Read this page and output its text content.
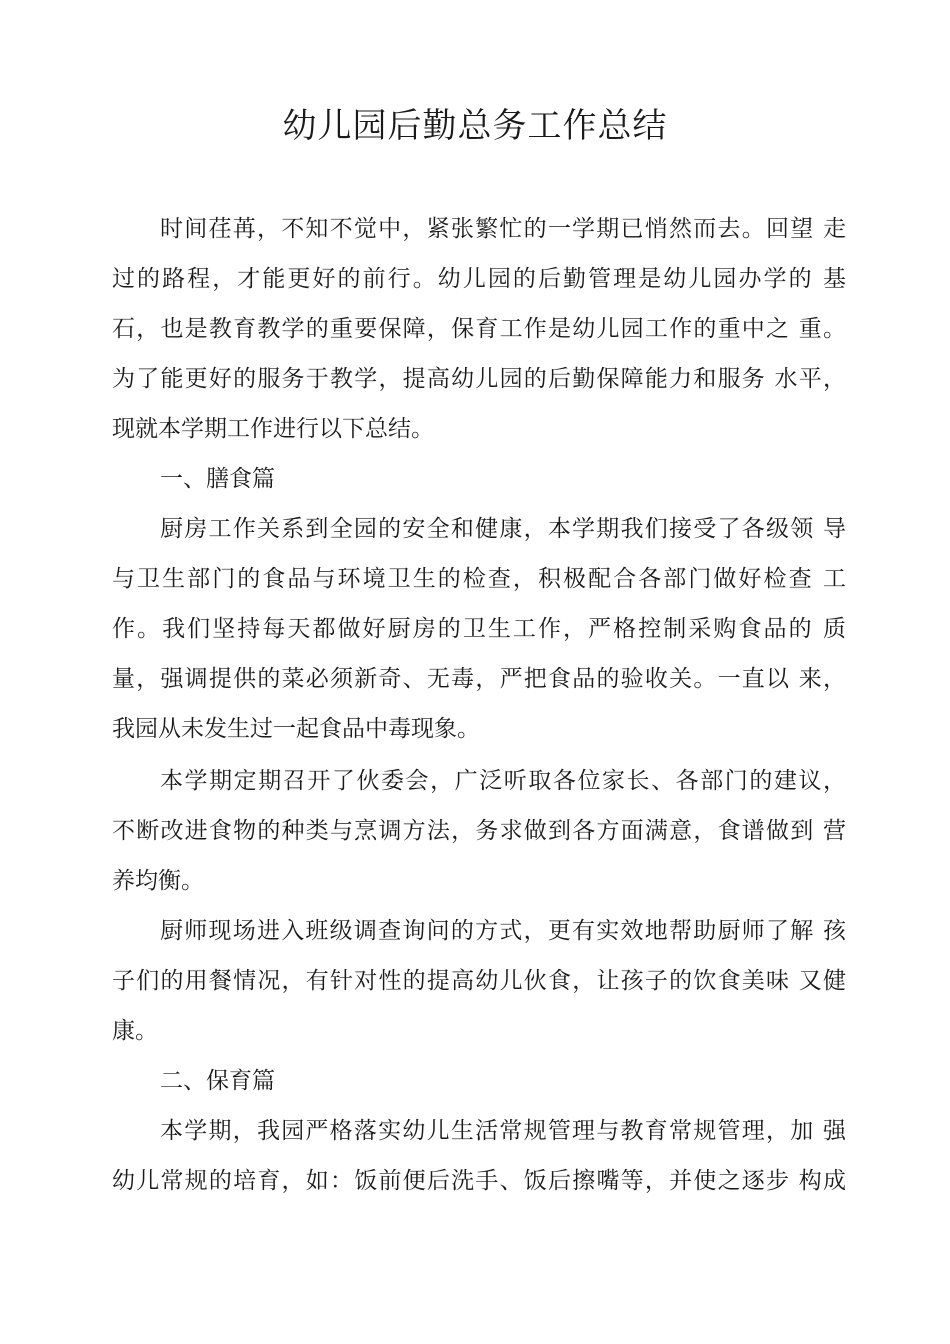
幼儿园后勤总务工作总结
时间荏苒，不知不觉中，紧张繁忙的一学期已悄然而去。回望 走
过的路程，才能更好的前行。幼儿园的后勤管理是幼儿园办学的 基
石，也是教育教学的重要保障，保育工作是幼儿园工作的重中之 重。
为了能更好的服务于教学，提高幼儿园的后勤保障能力和服务 水平，
现就本学期工作进行以下总结。
一、膳食篇
厨房工作关系到全园的安全和健康，本学期我们接受了各级领 导
与卫生部门的食品与环境卫生的检查，积极配合各部门做好检查 工
作。我们坚持每天都做好厨房的卫生工作，严格控制采购食品的 质
量，强调提供的菜必须新奇、无毒，严把食品的验收关。一直以 来，
我园从未发生过一起食品中毒现象。
本学期定期召开了伙委会，广泛听取各位家长、各部门的建议，
不断改进食物的种类与烹调方法，务求做到各方面满意，食谱做到 营
养均衡。
厨师现场进入班级调查询问的方式，更有实效地帮助厨师了解 孩
子们的用餐情况，有针对性的提高幼儿伙食，让孩子的饮食美味 又健
康。
二、保育篇
本学期，我园严格落实幼儿生活常规管理与教育常规管理，加 强
幼儿常规的培育，如：饭前便后洗手、饭后擦嘴等，并使之逐步 构成
